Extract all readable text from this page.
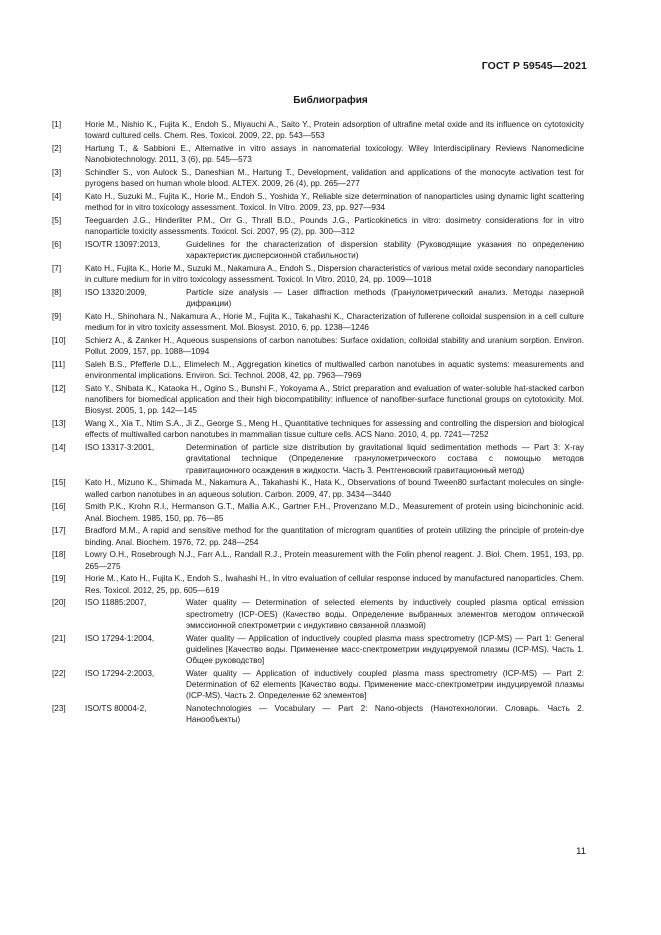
ГОСТ Р 59545—2021
Библиография
[1]	Horie M., Nishio K., Fujita K., Endoh S., Miyauchi A., Saito Y., Protein adsorption of ultrafine metal oxide and its influence on cytotoxicity toward cultured cells. Chem. Res. Toxicol. 2009, 22, pp. 543—553
[2]	Hartung T., & Sabbioni E., Alternative in vitro assays in nanomaterial toxicology. Wiley Interdisciplinary Reviews Nanomedicine Nanobiotechnology. 2011, 3 (6), pp. 545—573
[3]	Schindler S., von Aulock S., Daneshian M., Hartung T., Development, validation and applications of the monocyte activation test for pyrogens based on human whole blood. ALTEX. 2009, 26 (4), pp. 265—277
[4]	Kato H., Suzuki M., Fujita K., Horie M., Endoh S., Yoshida Y., Reliable size determination of nanoparticles using dynamic light scattering method for in vitro toxicology assessment. Toxicol. In Vitro. 2009, 23, pp. 927—934
[5]	Teeguarden J.G., Hinderliter P.M., Orr G., Thrall B.D., Pounds J.G., Particokinetics in vitro: dosimetry considerations for in vitro nanoparticle toxicity assessments. Toxicol. Sci. 2007, 95 (2), pp. 300—312
[6]	ISO/TR 13097:2013,	Guidelines for the characterization of dispersion stability (Руководящие указания по определению характеристик дисперсионной стабильности)
[7]	Kato H., Fujita K., Horie M., Suzuki M., Nakamura A., Endoh S., Dispersion characteristics of various metal oxide secondary nanoparticles in culture medium for in vitro toxicology assessment. Toxicol. In Vitro. 2010, 24, pp. 1009—1018
[8]	ISO 13320:2009,	Particle size analysis — Laser diffraction methods (Гранулометрический анализ. Методы лазерной дифракции)
[9]	Kato H., Shinohara N., Nakamura A., Horie M., Fujita K., Takahashi K., Characterization of fullerene colloidal suspension in a cell culture medium for in vitro toxicity assessment. Mol. Biosyst. 2010, 6, pp. 1238—1246
[10]	Schierz A., & Zanker H., Aqueous suspensions of carbon nanotubes: Surface oxidation, colloidal stability and uranium sorption. Environ. Pollut. 2009, 157, pp. 1088—1094
[11]	Saleh B.S., Pfefferle D.L., Elimelech M., Aggregation kinetics of multiwalled carbon nanotubes in aquatic systems: measurements and environmental implications. Environ. Sci. Technol. 2008, 42, pp. 7963—7969
[12]	Sato Y., Shibata K., Kataoka H., Ogino S., Bunshi F., Yokoyama A., Strict preparation and evaluation of water-soluble hat-stacked carbon nanofibers for biomedical application and their high biocompatibility: influence of nanofiber-surface functional groups on cytotoxicity. Mol. Biosyst. 2005, 1, pp. 142—145
[13]	Wang X., Xia T., Ntim S.A., Ji Z., George S., Meng H., Quantitative techniques for assessing and controlling the dispersion and biological effects of multiwalled carbon nanotubes in mammalian tissue culture cells. ACS Nano. 2010, 4, pp. 7241—7252
[14]	ISO 13317-3:2001,	Determination of particle size distribution by gravitational liquid sedimentation methods — Part 3: X-ray gravitational technique (Определение гранулометрического состава с помощью методов гравитационного осаждения в жидкости. Часть 3. Рентгеновский гравитационный метод)
[15]	Kato H., Mizuno K., Shimada M., Nakamura A., Takahashi K., Hata K., Observations of bound Tween80 surfactant molecules on single-walled carbon nanotubes in an aqueous solution. Carbon. 2009, 47, pp. 3434—3440
[16]	Smith P.K., Krohn R.I., Hermanson G.T., Mallia A.K., Gartner F.H., Provenzano M.D., Measurement of protein using bicinchoninic acid. Anal. Biochem. 1985, 150, pp. 76—85
[17]	Bradford M.M., A rapid and sensitive method for the quantitation of microgram quantities of protein utilizing the principle of protein-dye binding. Anal. Biochem. 1976, 72, pp. 248—254
[18]	Lowry O.H., Rosebrough N.J., Farr A.L., Randall R.J., Protein measurement with the Folin phenol reagent. J. Biol. Chem. 1951, 193, pp. 265—275
[19]	Horie M., Kato H., Fujita K., Endoh S., Iwahashi H., In vitro evaluation of cellular response induced by manufactured nanoparticles. Chem. Res. Toxicol. 2012, 25, pp. 605—619
[20]	ISO 11885:2007,	Water quality — Determination of selected elements by inductively coupled plasma optical emission spectrometry (ICP-OES) (Качество воды. Определение выбранных элементов методом оптической эмиссионной спектрометрии с индуктивно связанной плазмой)
[21]	ISO 17294-1:2004,	Water quality — Application of inductively coupled plasma mass spectrometry (ICP-MS) — Part 1: General guidelines [Качество воды. Применение масс-спектрометрии индуцируемой плазмы (ICP-MS). Часть 1. Общее руководство]
[22]	ISO 17294-2:2003,	Water quality — Application of inductively coupled plasma mass spectrometry (ICP-MS) — Part 2: Determination of 62 elements [Качество воды. Применение масс-спектрометрии индуцируемой плазмы (ICP-MS). Часть 2. Определение 62 элементов]
[23]	ISO/TS 80004-2,	Nanotechnologies — Vocabulary — Part 2: Nano-objects (Нанотехнологии. Словарь. Часть 2. Нанообъекты)
11
